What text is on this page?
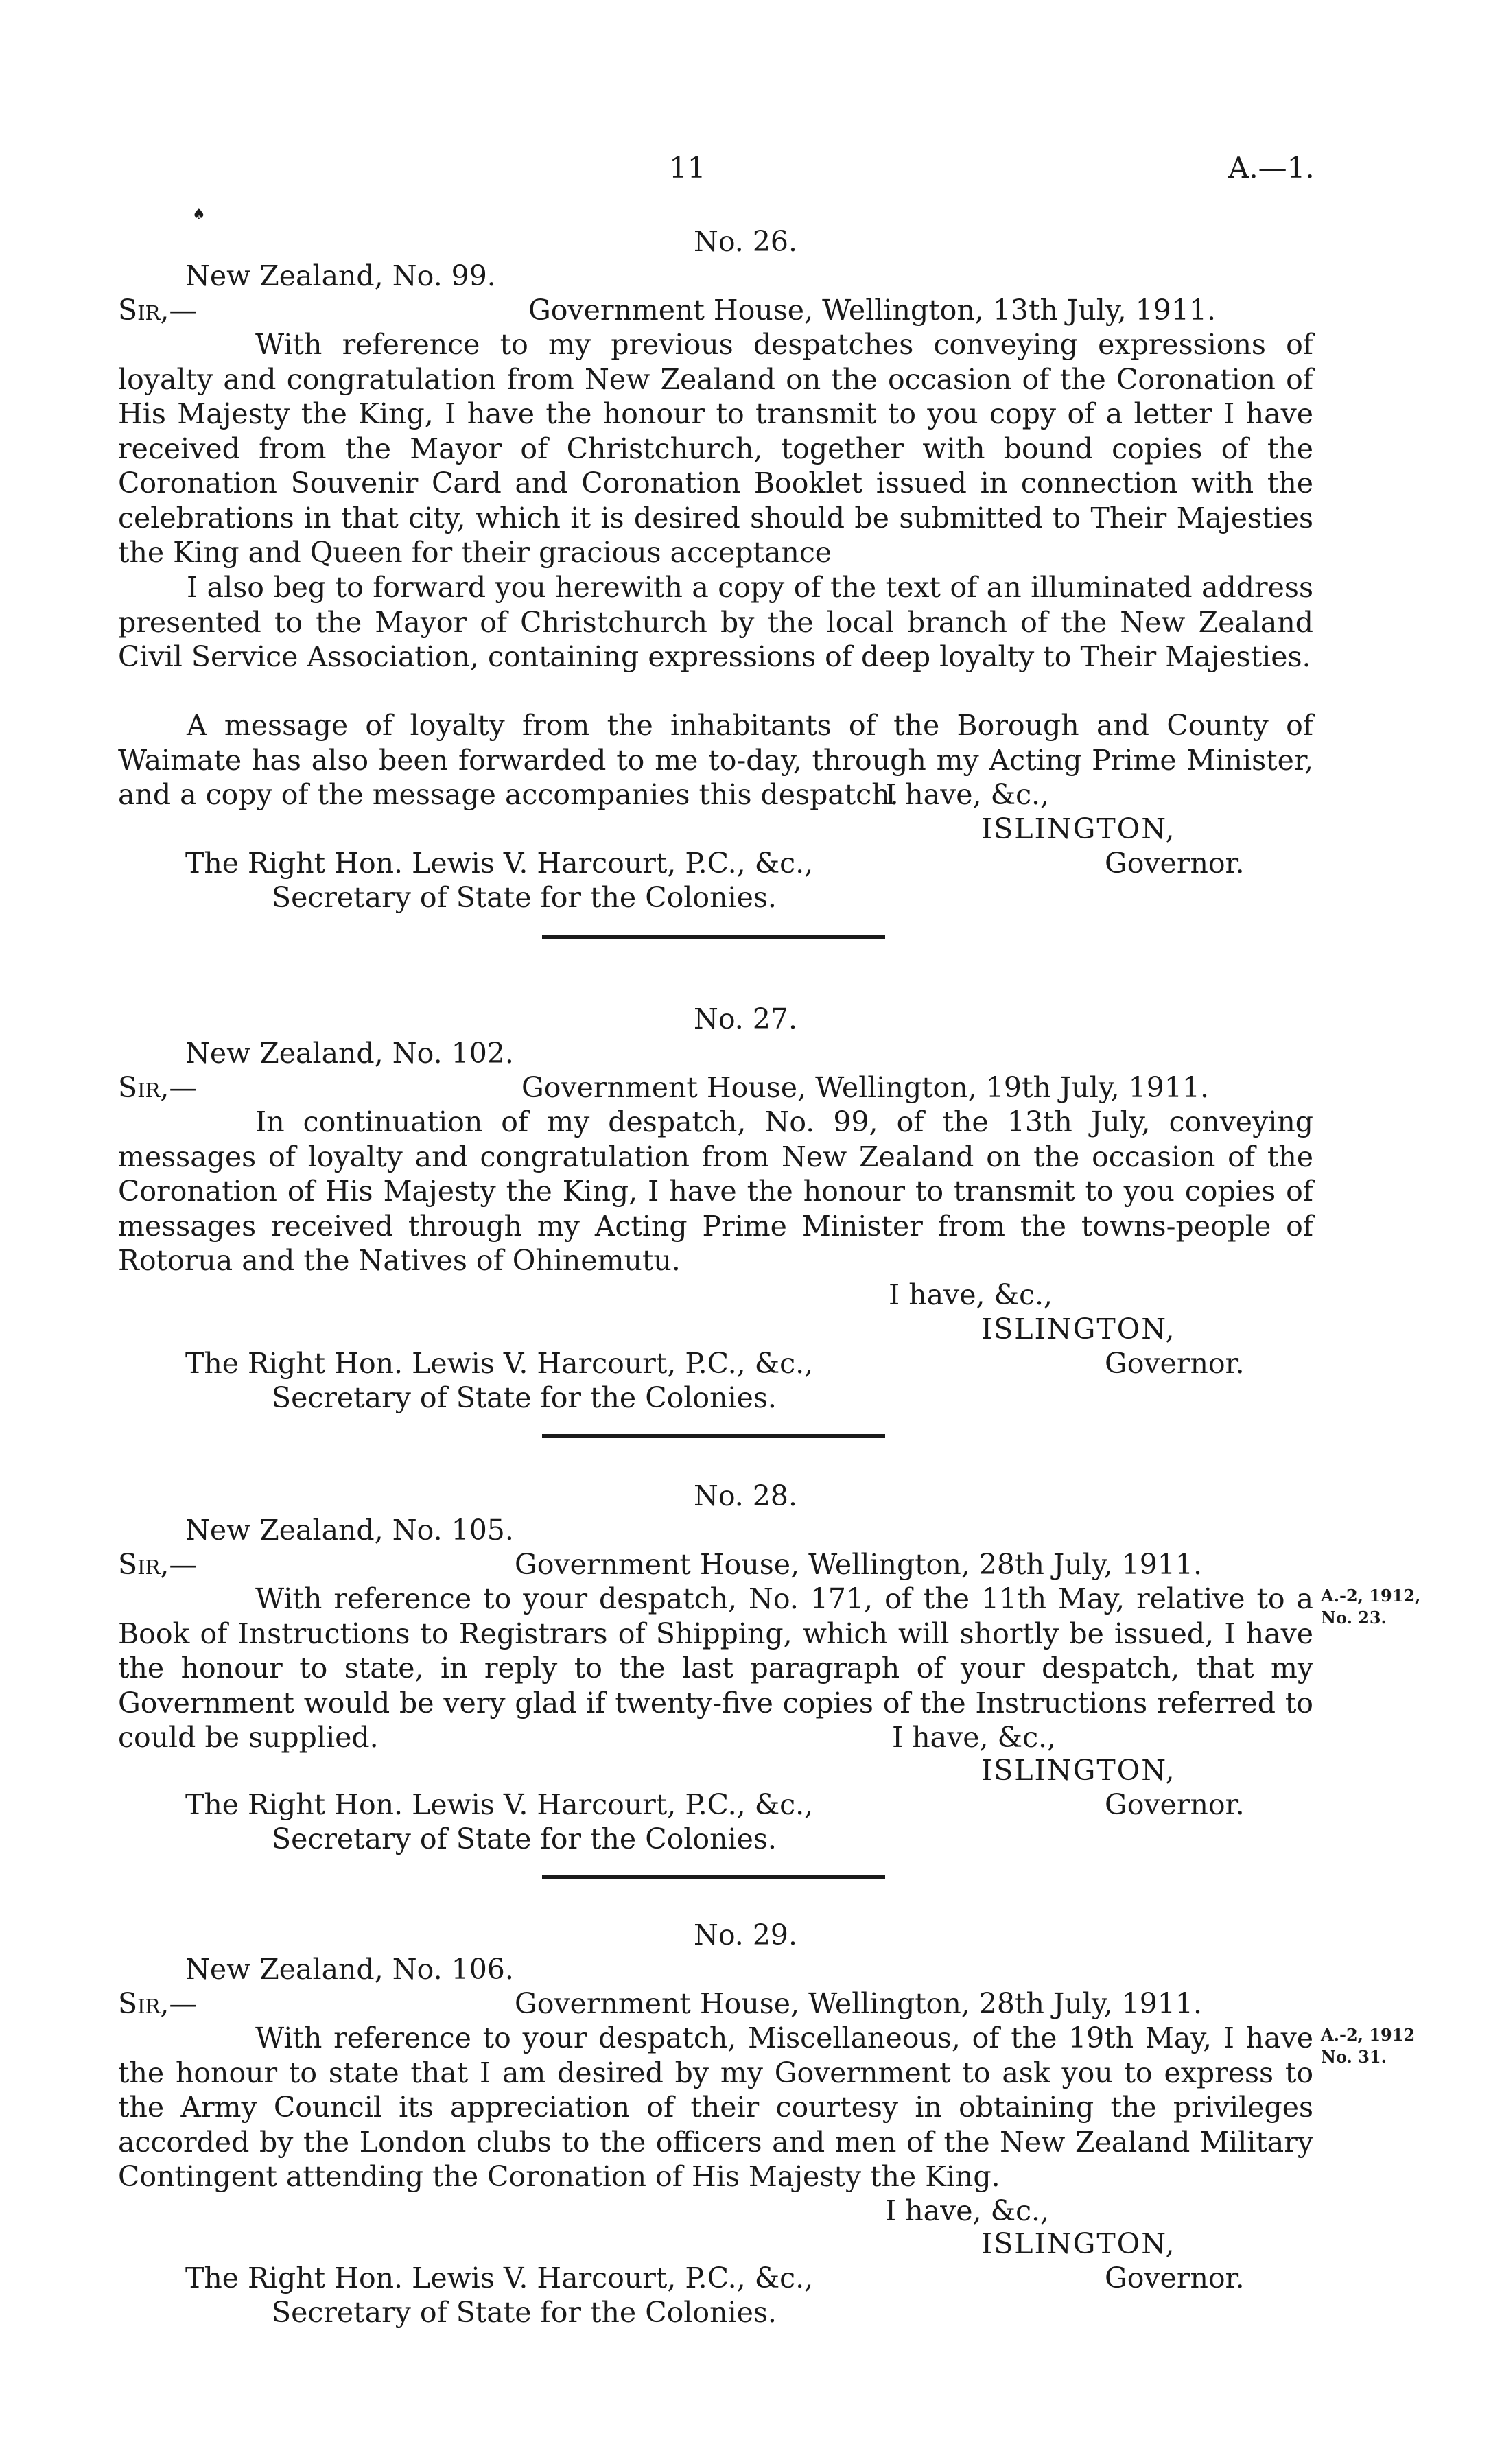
11	A.—1.
♠
No. 26.
New Zealand, No. 99.
Sir,—	Government House, Wellington, 13th July, 1911.
With reference to my previous despatches conveying expressions of loyalty and congratulation from New Zealand on the occasion of the Coronation of His Majesty the King, I have the honour to transmit to you copy of a letter I have received from the Mayor of Christchurch, together with bound copies of the Coronation Souvenir Card and Coronation Booklet issued in connection with the celebrations in that city, which it is desired should be submitted to Their Majesties the King and Queen for their gracious acceptance
I also beg to forward you herewith a copy of the text of an illuminated address presented to the Mayor of Christchurch by the local branch of the New Zealand Civil Service Association, containing expressions of deep loyalty to Their Majesties.
A message of loyalty from the inhabitants of the Borough and County of Waimate has also been forwarded to me to-day, through my Acting Prime Minister, and a copy of the message accompanies this despatch.
I have, &c.,
ISLINGTON,
The Right Hon. Lewis V. Harcourt, P.C., &c.,	Governor.
Secretary of State for the Colonies.
No. 27.
New Zealand, No. 102.
Sir,—	Government House, Wellington, 19th July, 1911.
In continuation of my despatch, No. 99, of the 13th July, conveying messages of loyalty and congratulation from New Zealand on the occasion of the Coronation of His Majesty the King, I have the honour to transmit to you copies of messages received through my Acting Prime Minister from the towns-people of Rotorua and the Natives of Ohinemutu.
I have, &c.,
ISLINGTON,
The Right Hon. Lewis V. Harcourt, P.C., &c.,	Governor.
Secretary of State for the Colonies.
No. 28.
New Zealand, No. 105.
Sir,—	Government House, Wellington, 28th July, 1911.
With reference to your despatch, No. 171, of the 11th May, relative to a Book of Instructions to Registrars of Shipping, which will shortly be issued, I have the honour to state, in reply to the last paragraph of your despatch, that my Government would be very glad if twenty-five copies of the Instructions referred to could be supplied.	I have, &c.,
ISLINGTON,
The Right Hon. Lewis V. Harcourt, P.C., &c.,	Governor.
Secretary of State for the Colonies.
A.-2, 1912,
No. 23.
No. 29.
New Zealand, No. 106.
Sir,—	Government House, Wellington, 28th July, 1911.
With reference to your despatch, Miscellaneous, of the 19th May, I have the honour to state that I am desired by my Government to ask you to express to the Army Council its appreciation of their courtesy in obtaining the privileges accorded by the London clubs to the officers and men of the New Zealand Military Contingent attending the Coronation of His Majesty the King.
I have, &c.,
ISLINGTON,
The Right Hon. Lewis V. Harcourt, P.C., &c.,	Governor.
Secretary of State for the Colonies.
A.-2, 1912
No. 31.
